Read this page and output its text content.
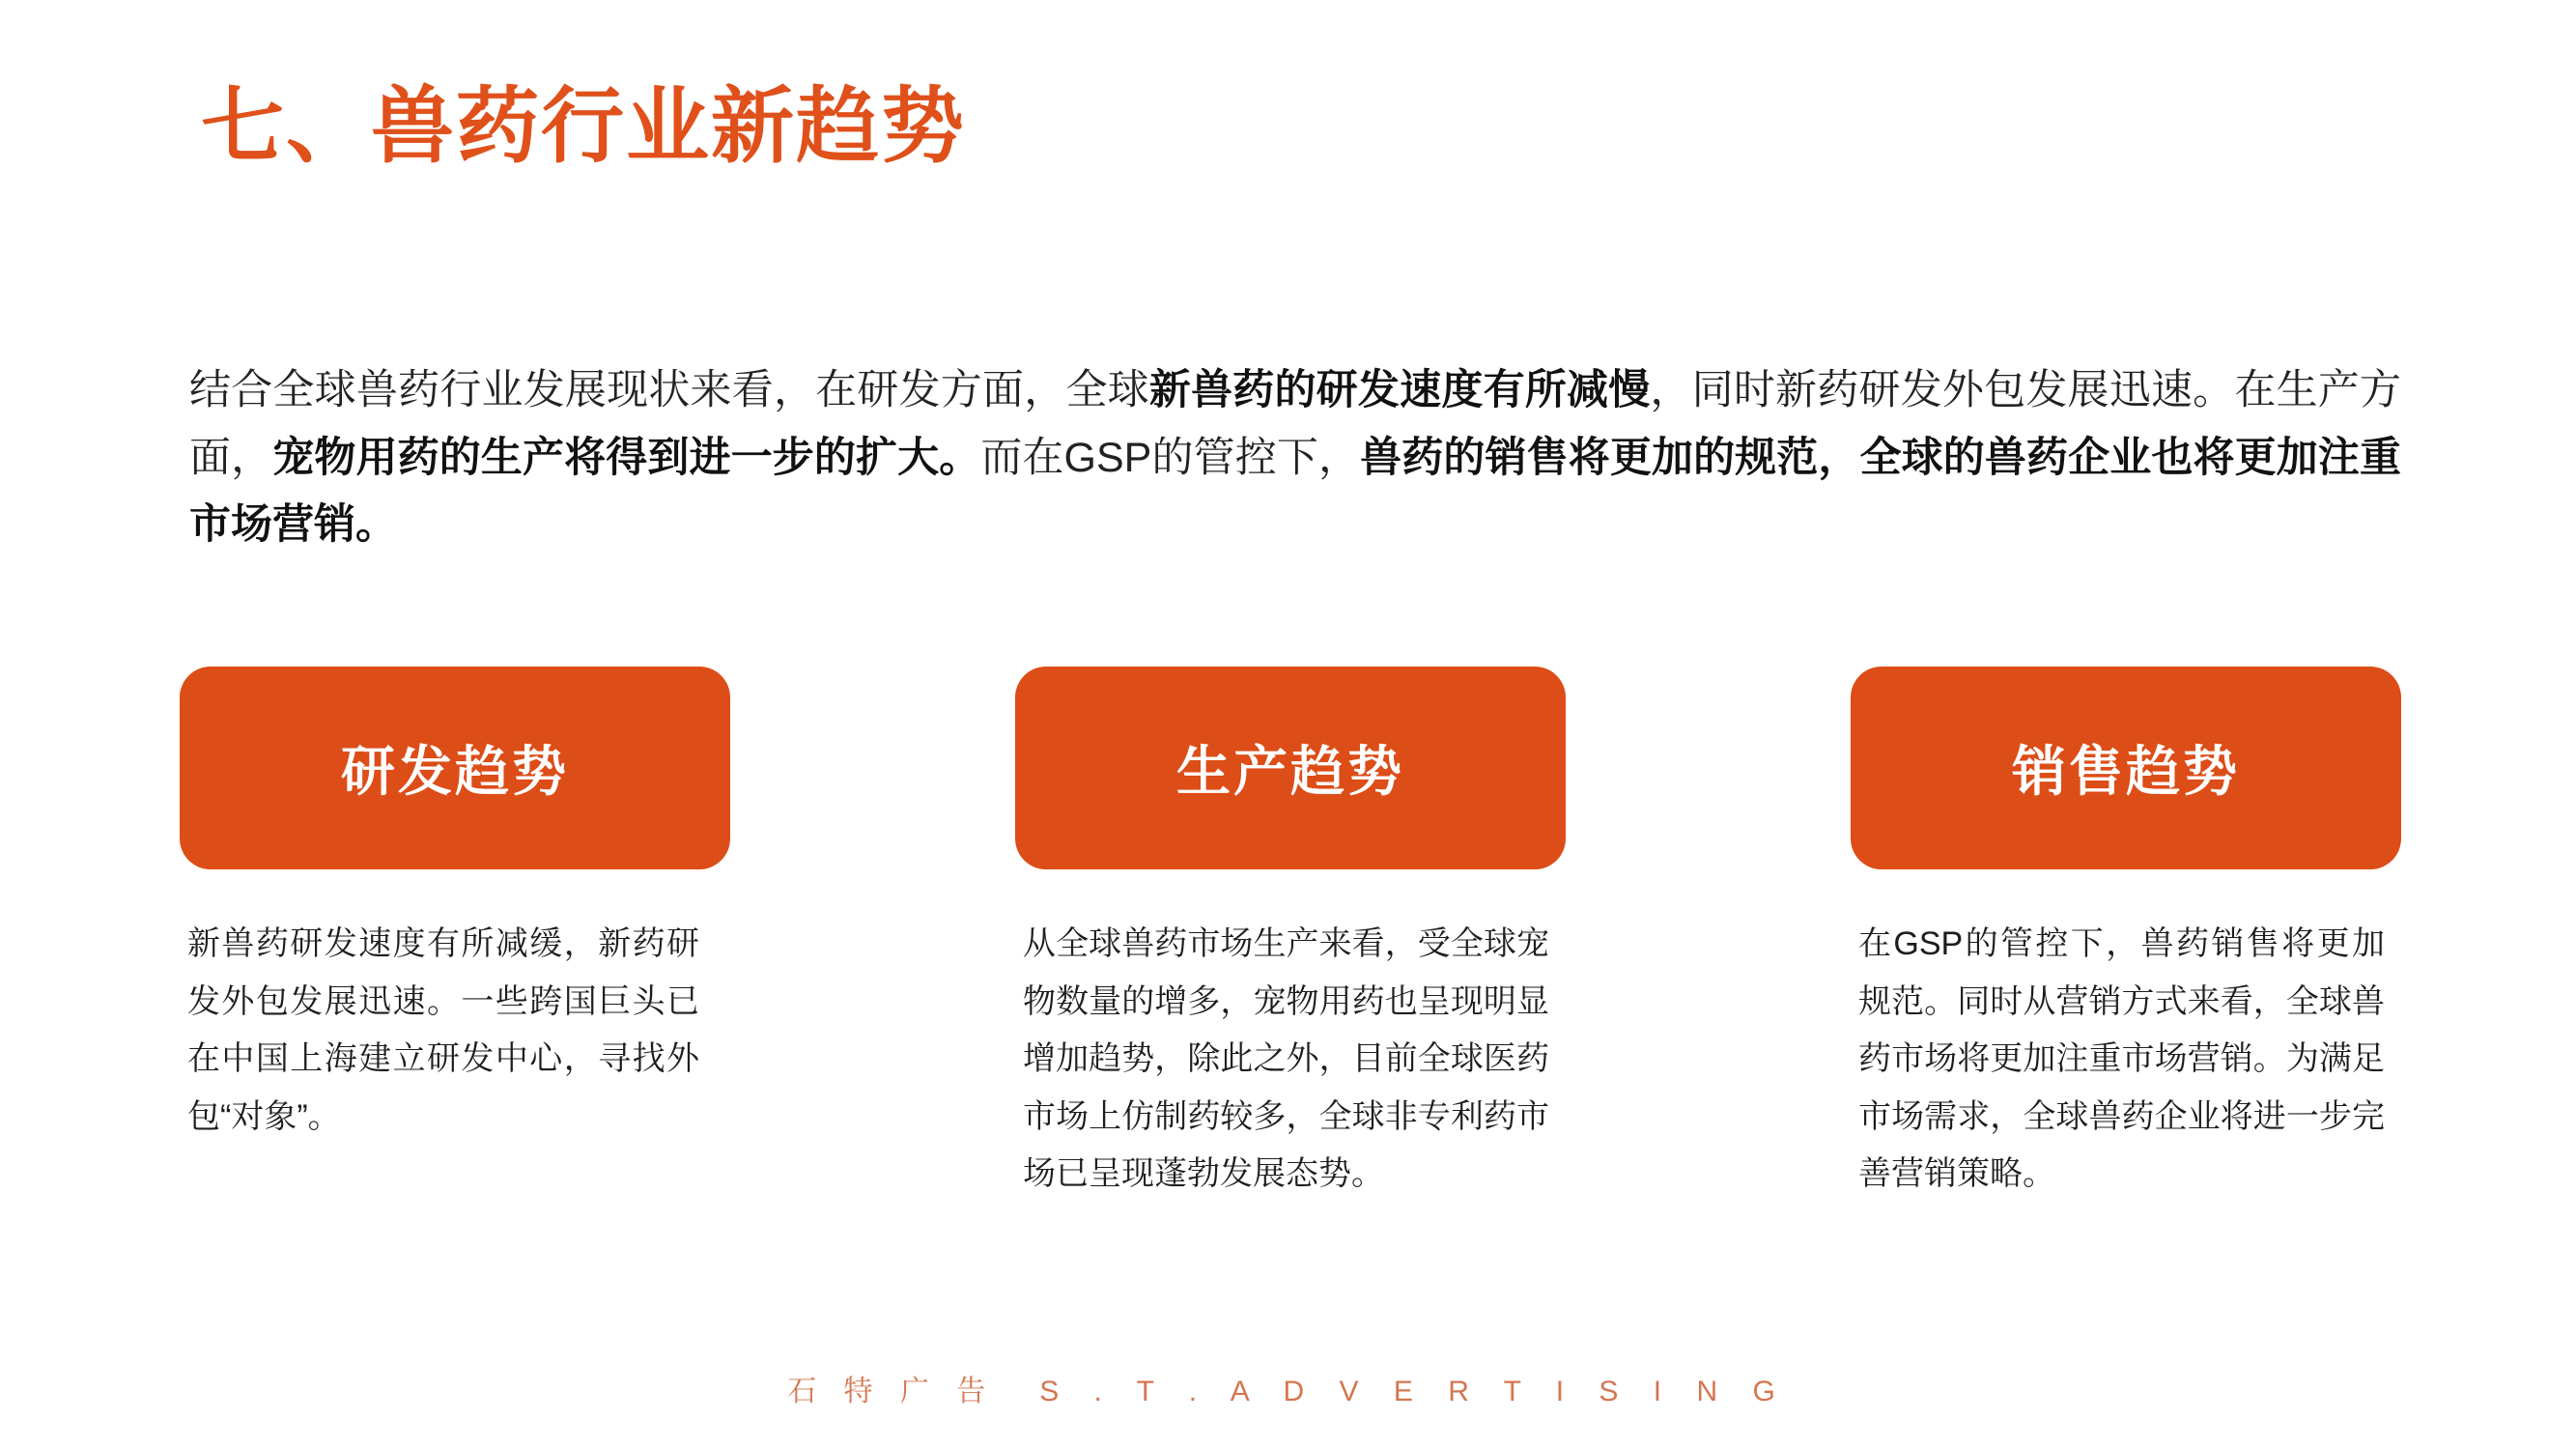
七、兽药行业新趋势
结合全球兽药行业发展现状来看，在研发方面，全球新兽药的研发速度有所减慢，同时新药研发外包发展迅速。在生产方面，宠物用药的生产将得到进一步的扩大。而在GSP的管控下，兽药的销售将更加的规范，全球的兽药企业也将更加注重市场营销。
研发趋势
新兽药研发速度有所减缓，新药研发外包发展迅速。一些跨国巨头已在中国上海建立研发中心，寻找外包“对象”。
生产趋势
从全球兽药市场生产来看，受全球宠物数量的增多，宠物用药也呈现明显增加趋势，除此之外，目前全球医药市场上仿制药较多，全球非专利药市场已呈现蓬勃发展态势。
销售趋势
在GSP的管控下，兽药销售将更加规范。同时从营销方式来看，全球兽药市场将更加注重市场营销。为满足市场需求，全球兽药企业将进一步完善营销策略。
石 特 广 告 S . T . A D V E R T I S I N G
